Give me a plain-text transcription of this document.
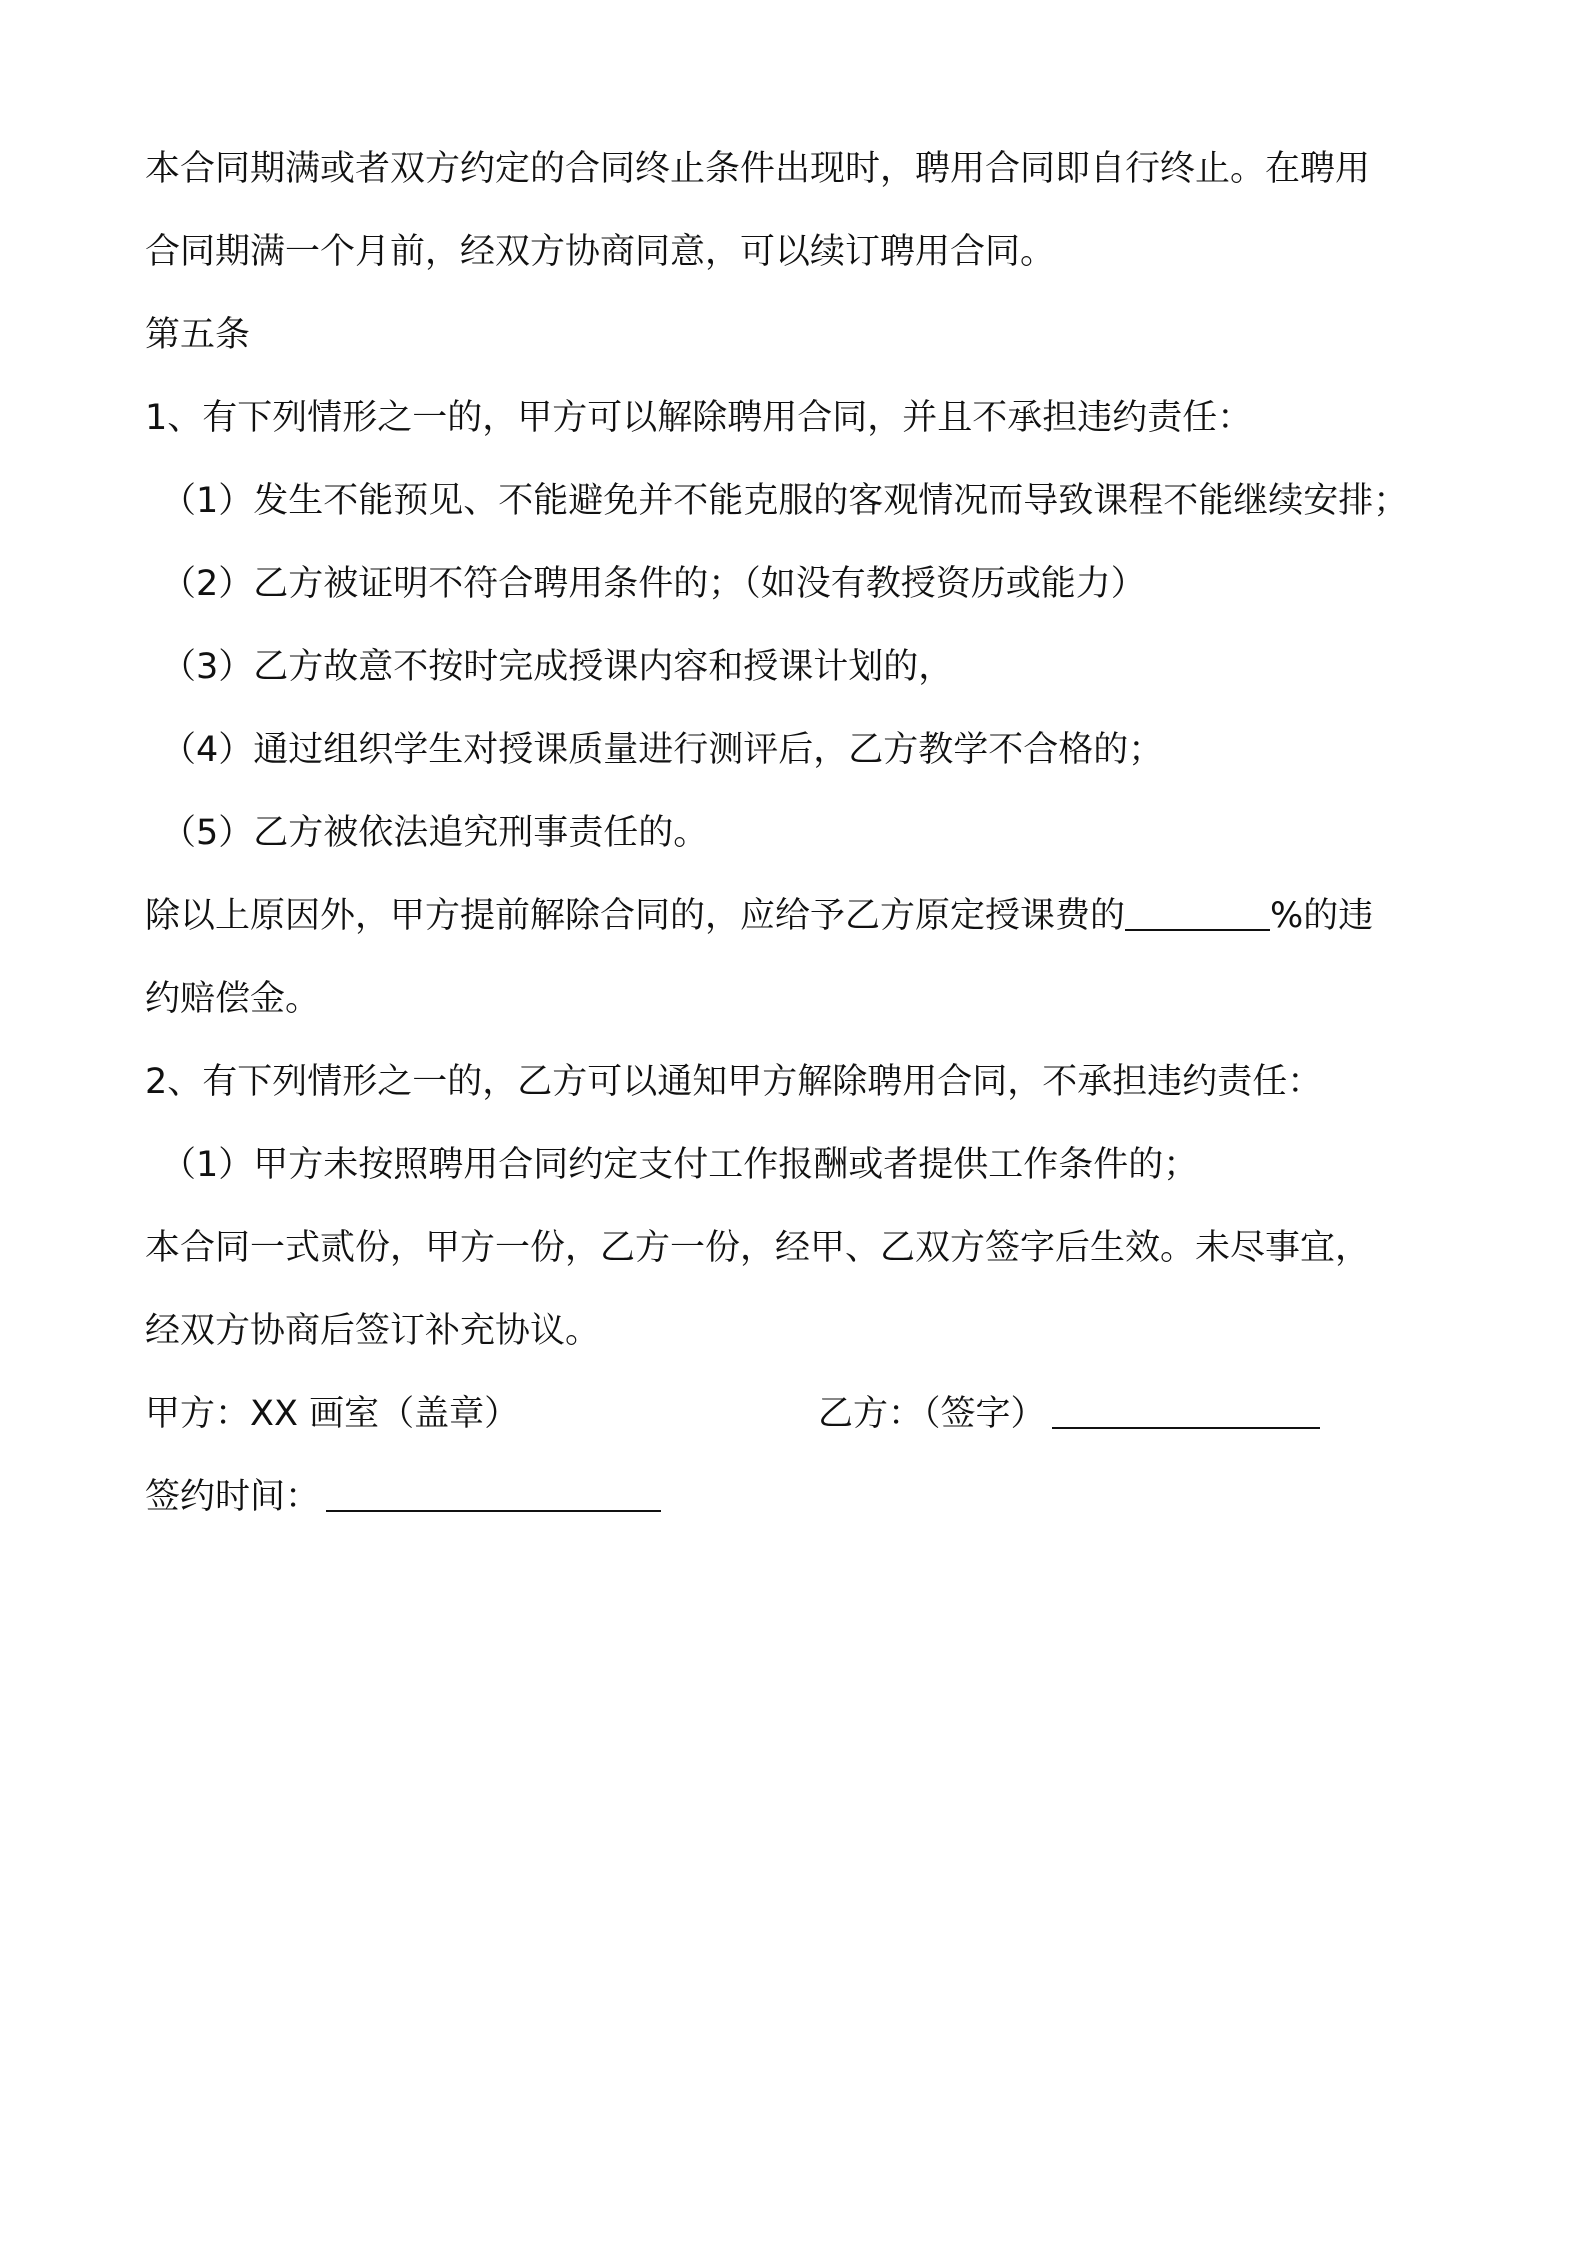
本合同期满或者双方约定的合同终止条件出现时，聘用合同即自行终止。在聘用

合同期满一个月前，经双方协商同意，可以续订聘用合同。

第五条

1、有下列情形之一的，甲方可以解除聘用合同，并且不承担违约责任：

（1）发生不能预见、不能避免并不能克服的客观情况而导致课程不能继续安排；

（2）乙方被证明不符合聘用条件的；（如没有教授资历或能力）

（3）乙方故意不按时完成授课内容和授课计划的，

（4）通过组织学生对授课质量进行测评后，乙方教学不合格的；

（5）乙方被依法追究刑事责任的。

除以上原因外，甲方提前解除合同的，应给予乙方原定授课费的	%的违

约赔偿金。

2、有下列情形之一的，乙方可以通知甲方解除聘用合同，不承担违约责任：

（1）甲方未按照聘用合同约定支付工作报酬或者提供工作条件的；

本合同一式贰份，甲方一份，乙方一份，经甲、乙双方签字后生效。未尽事宜，

经双方协商后签订补充协议。

甲方：XX 画室（盖章）	乙方：（签字）

签约时间：
